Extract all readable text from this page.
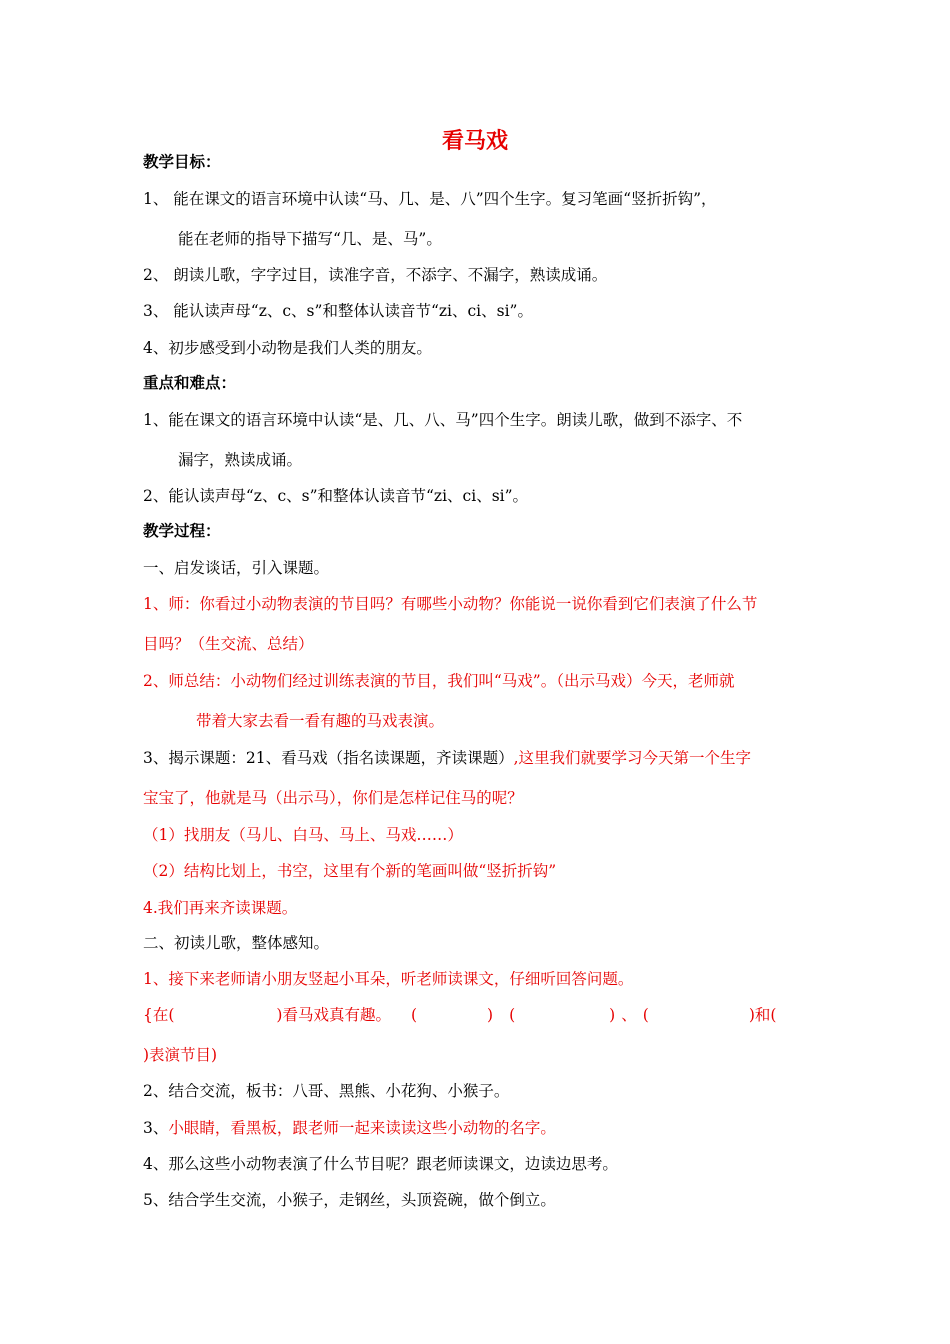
看马戏
教学目标：
1、 能在课文的语言环境中认读“马、几、是、八”四个生字。复习笔画“竖折折钩”，
能在老师的指导下描写“几、是、马”。
2、 朗读儿歌，字字过目，读准字音，不添字、不漏字，熟读成诵。
3、 能认读声母“z、c、s”和整体认读音节“zi、ci、si”。
4、初步感受到小动物是我们人类的朋友。
重点和难点：
1、能在课文的语言环境中认读“是、几、八、马”四个生字。朗读儿歌，做到不添字、不
漏字，熟读成诵。
2、能认读声母“z、c、s”和整体认读音节“zi、ci、si”。
教学过程：
一、启发谈话，引入课题。
1、师：你看过小动物表演的节目吗？有哪些小动物？你能说一说你看到它们表演了什么节
目吗？（生交流、总结）
2、师总结：小动物们经过训练表演的节目，我们叫“马戏”。（出示马戏）今天，老师就
带着大家去看一看有趣的马戏表演。
3、揭示课题：21、看马戏（指名读课题，齐读课题）,这里我们就要学习今天第一个生字
宝宝了，他就是马（出示马），你们是怎样记住马的呢？
（1）找朋友（马儿、白马、马上、马戏……）
（2）结构比划上，书空，这里有个新的笔画叫做“竖折折钩”
4.我们再来齐读课题。
二、初读儿歌，整体感知。
1、接下来老师请小朋友竖起小耳朵，听老师读课文，仔细听回答问题。
{在(	)看马戏真有趣。 (	) (	) 、 (	)和(
)表演节目)
2、结合交流，板书：八哥、黑熊、小花狗、小猴子。
3、小眼睛，看黑板，跟老师一起来读读这些小动物的名字。
4、那么这些小动物表演了什么节目呢？跟老师读课文，边读边思考。
5、结合学生交流，小猴子，走钢丝，头顶瓷碗，做个倒立。
